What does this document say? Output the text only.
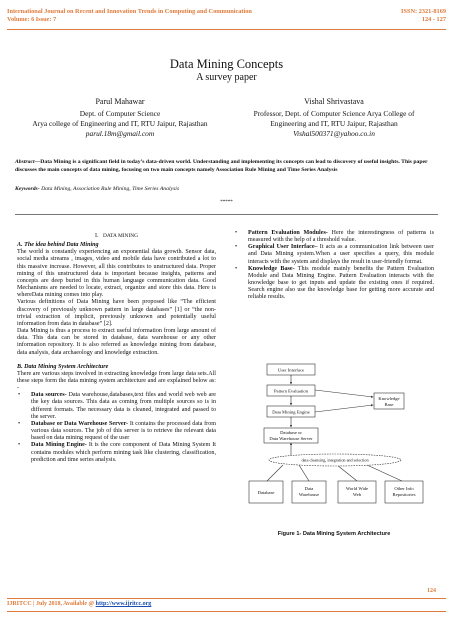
International Journal on Recent and Innovation Trends in Computing and Communication
Volume: 6 Issue: 7
ISSN: 2321-8169
124 - 127
Data Mining Concepts
A survey paper
Parul Mahawar
Dept. of Computer Science
Arya college of Engineering and IT, RTU Jaipur, Rajasthan
parul.18m@gmail.com
Vishal Shrivastava
Professor, Dept. of Computer Science Arya College of
Engineering and IT, RTU Jaipur, Rajasthan
Vishal500371@yahoo.co.in
Abstract—Data Mining is a significant field in today’s data-driven world. Understanding and implementing its concepts can lead to discovery of useful insights. This paper discusses the main concepts of data mining, focusing on two main concepts namely Association Rule Mining and Time Series Analysis
Keywords- Data Mining, Association Rule Mining, Time Series Analysis
*****
I. DATA MINING

A. The idea behind Data Mining

The world is constantly experiencing an exponential data growth. Sensor data, social media streams , images, video and mobile data have contributed a lot to this massive increase. However, all this contributes to unstructured data. Proper mining of this unstructured data is important because insights, patterns and concepts are deep buried in this human language communication data. Good Mechanisms are needed to locate, extract, organize and store this data. Here is whereData mining comes into play.

Various definitions of Data Mining have been proposed like “The efficient discovery of previously unknown pattern in large databases” [1] or “the non-trivial extraction of implicit, previously unknown and potentially useful information from data in database” [2].

Data Mining is thus a process to extract useful information from large amount of data. This data can be stored in database, data warehouse or any other information repository. It is also referred as knowledge mining from database, data analysis, data archaeology and knowledge extraction.

B. Data Mining System Architecture

There are various steps involved in extracting knowledge from large data sets.All these steps form the data mining system architecture and are explained below as: -

• Data sources- Data warehouse,databases,text files and world web web are the key data sources. This data as coming from multiple sources so is in different formats. The necessary data is cleaned, integrated and passed to the server.
• Database or Data Warehouse Server- It contains the processed data from various data sources. The job of this server is to retrieve the relevant data based on data mining request of the user
• Data Mining Engine- It is the core component of Data Mining System It contains modules which perform mining task like clustering, classification, prediction and time series analysis.
• Pattern Evaluation Modules- Here the interestingness of patterns is measured with the help of a threshold value.
• Graphical User Interface– It acts as a communication link between user and Data Mining system.When a user specifies a query, this module interacts with the system and displays the result in user-friendly format.
• Knowledge Base- This module mainly benefits the Pattern Evaluation Module and Data Mining Engine. Pattern Evaluation interacts with the knowledge base to get inputs and update the existing ones if required. Search engine also use the knowledge base for getting more accurate and reliable results.
User Interface
Pattern Evaluation
Data Mining Engine
Database or
Data Warehouse Server
Knowledge
Base
data cleansing, integration and selection
Database
Data
Warehouse
World Wide
Web
Other Info
Repositories
Figure 1- Data Mining System Architecture
124
IJRITCC | July 2018, Available @ http://www.ijritcc.org
